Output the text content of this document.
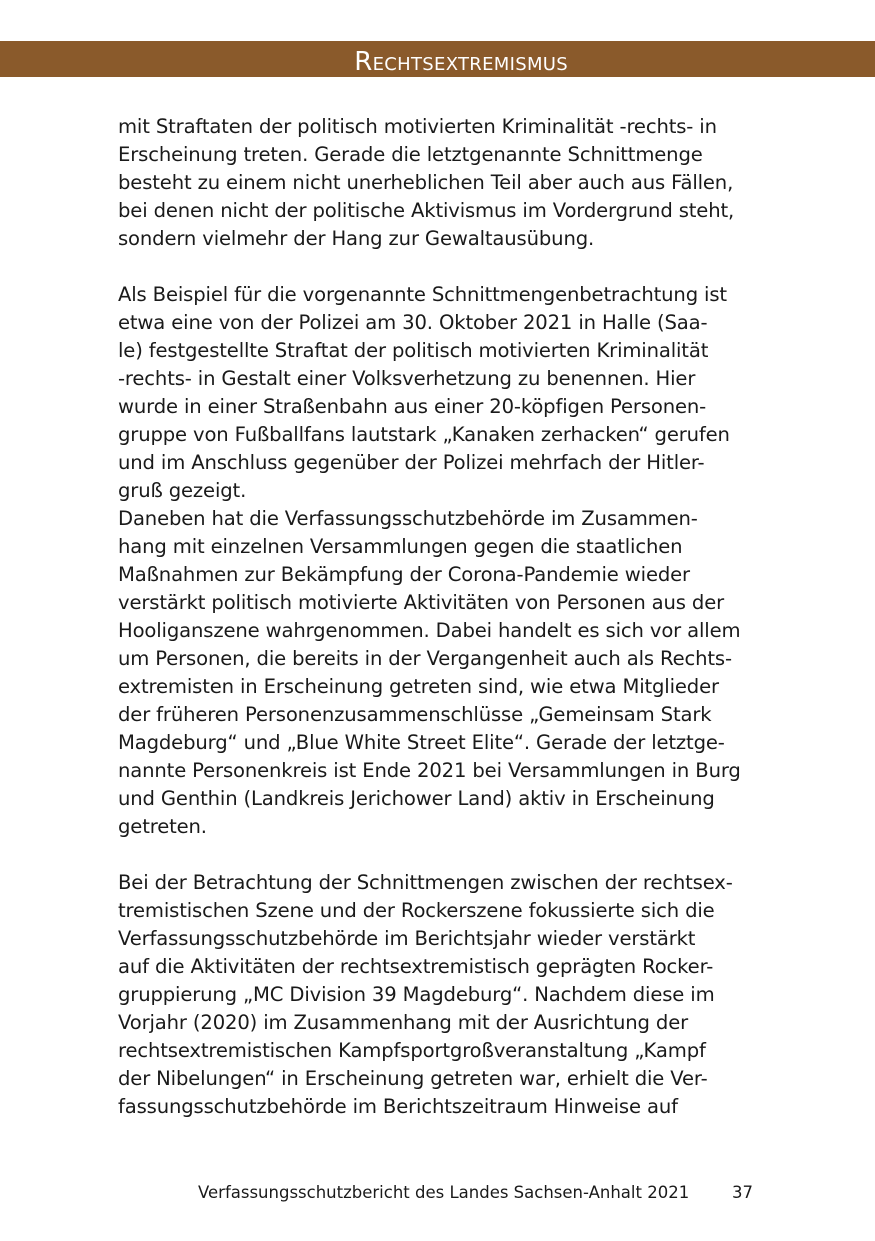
Rechtsextremismus
mit Straftaten der politisch motivierten Kriminalität -rechts- in
Erscheinung treten. Gerade die letztgenannte Schnittmenge
besteht zu einem nicht unerheblichen Teil aber auch aus Fällen,
bei denen nicht der politische Aktivismus im Vordergrund steht,
sondern vielmehr der Hang zur Gewaltausübung.
Als Beispiel für die vorgenannte Schnittmengenbetrachtung ist
etwa eine von der Polizei am 30. Oktober 2021 in Halle (Saa-
le) festgestellte Straftat der politisch motivierten Kriminalität
-rechts- in Gestalt einer Volksverhetzung zu benennen. Hier
wurde in einer Straßenbahn aus einer 20-köpfigen Personen-
gruppe von Fußballfans lautstark „Kanaken zerhacken“ gerufen
und im Anschluss gegenüber der Polizei mehrfach der Hitler-
gruß gezeigt.
Daneben hat die Verfassungsschutzbehörde im Zusammen-
hang mit einzelnen Versammlungen gegen die staatlichen
Maßnahmen zur Bekämpfung der Corona-Pandemie wieder
verstärkt politisch motivierte Aktivitäten von Personen aus der
Hooliganszene wahrgenommen. Dabei handelt es sich vor allem
um Personen, die bereits in der Vergangenheit auch als Rechts-
extremisten in Erscheinung getreten sind, wie etwa Mitglieder
der früheren Personenzusammenschlüsse „Gemeinsam Stark
Magdeburg“ und „Blue White Street Elite“. Gerade der letztge-
nannte Personenkreis ist Ende 2021 bei Versammlungen in Burg
und Genthin (Landkreis Jerichower Land) aktiv in Erscheinung
getreten.
Bei der Betrachtung der Schnittmengen zwischen der rechtsex-
tremistischen Szene und der Rockerszene fokussierte sich die
Verfassungsschutzbehörde im Berichtsjahr wieder verstärkt
auf die Aktivitäten der rechtsextremistisch geprägten Rocker-
gruppierung „MC Division 39 Magdeburg“. Nachdem diese im
Vorjahr (2020) im Zusammenhang mit der Ausrichtung der
rechtsextremistischen Kampfsportgroßveranstaltung „Kampf
der Nibelungen“ in Erscheinung getreten war, erhielt die Ver-
fassungsschutzbehörde im Berichtszeitraum Hinweise auf
Verfassungsschutzbericht des Landes Sachsen-Anhalt 2021	37
